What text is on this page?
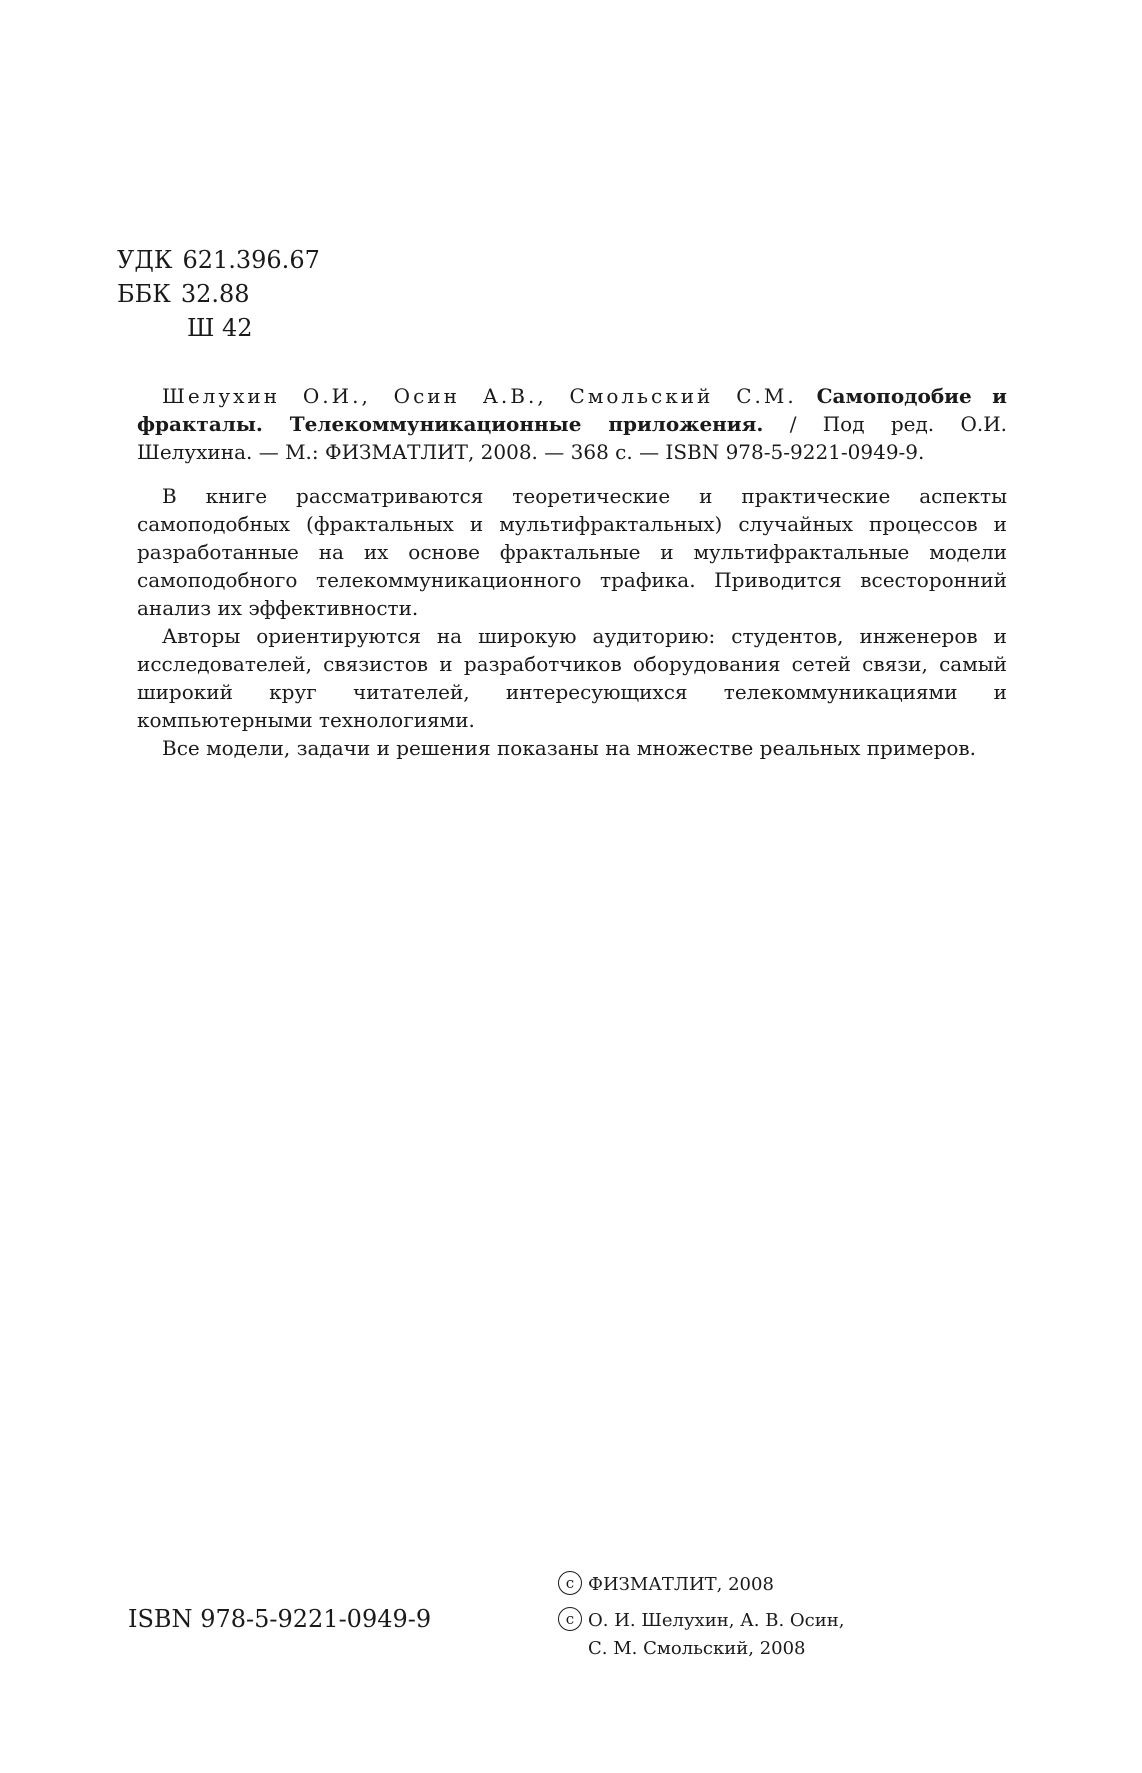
УДК 621.396.67
ББК 32.88
Ш 42

Шелухин О.И., Осин А.В., Смольский С.М. Самоподобие и фракталы. Телекоммуникационные приложения. / Под ред. О.И. Шелухина. — М.: ФИЗМАТЛИТ, 2008. — 368 с. — ISBN 978-5-9221-0949-9.

В книге рассматриваются теоретические и практические аспекты самоподобных (фрактальных и мультифрактальных) случайных процессов и разработанные на их основе фрактальные и мультифрактальные модели самоподобного телекоммуникационного трафика. Приводится всесторонний анализ их эффективности.

Авторы ориентируются на широкую аудиторию: студентов, инженеров и исследователей, связистов и разработчиков оборудования сетей связи, самый широкий круг читателей, интересующихся телекоммуникациями и компьютерными технологиями.

Все модели, задачи и решения показаны на множестве реальных примеров.

ISBN 978-5-9221-0949-9
c ФИЗМАТЛИТ, 2008
c О. И. Шелухин, А. В. Осин,
С. М. Смольский, 2008
